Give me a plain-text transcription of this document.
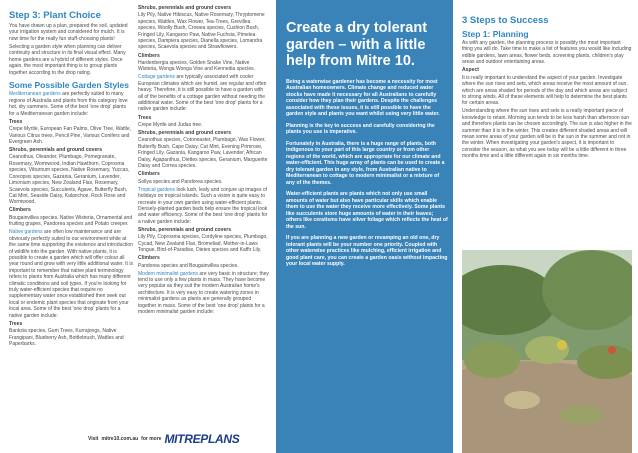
Step 3: Plant Choice

You have drawn up a plan, prepared the soil, updated your irrigation system and considered for mulch. It is now time for the really fun stuff-choosing plants!

Selecting a garden style when planning can deliver continuity and structure in its final visual effect. Many home gardens are a hybrid of different styles. Once again, the most important thing is to group plants together according to the drop rating.

Some Possible Garden Styles

Mediterranean gardens are perfectly suited to many regions of Australia and plants from this category love hot, dry summers. Some of the best 'one drop' plants for a Mediterranean garden include:

Trees

Crepe Myrtle, European Fan Palms, Olive Tree, Wattle, Various Citrus trees, Pencil Pine, Various Conifers and Evergreen Ash.

Shrubs, perennials and ground covers

Ceanothus, Oleander, Plumbago, Pomegranate, Rosemary, Wormwood, Indian Hawthorn, Coprosma species, Viburnum species, Native Rosemary, Yuccas, Coreopsis species, Gazania, Geranium, Lavender, Limonium species, New Zealand Flax, Rosemary, Scaevola species, Succulents, Agave, Butterfly Bush, Cat Mint, Seaside Daisy, Kalanchoe, Rock Rose and Wormwood.

Climbers

Bougainvillea species, Native Wisteria, Ornamental and fruiting grapes, Pandorea species and Potato creeper.

Native gardens are often low maintenance and are obviously perfectly suited to our environment while at the same time supporting the existence and introduction of wildlife into the garden. With native plants, it is possible to create a garden which will offer colour all year round and grow with very little additional water. It is important to remember that native plant terminology refers to plants from Australia which has many different climatic conditions and soil types. If you're looking for truly water-efficient species that require no supplementary water once established then seek out local or endemic plant species that originate from your local area. Some of the best 'one drop' plants for a native garden include:

Trees

Banksia species, Gum Trees, Kurrajongs, Native Frangipani, Blueberry Ash, Bottlebrush, Wattles and Paperbarks.

Shrubs, perennials and ground covers

Lily Pily, Native Hibiscus, Native Rosemary, Thryptomene species, Wattles, Wax Flower, Tea-Trees, Grevillea species, Woolly Bush, Crowea species, Cushion Bush, Fringed Lily, Kangaroo Paw, Native Fuchsia, Pimelea species, Dampiera species, Dianella species, Lomandra species, Scaevola species and Strawflowers.

Climbers

Hardenbergia species, Golden Snake Vine, Native Wisteria, Wonga Wonga Vine and Kennedia species.

Cottage gardens are typically associated with cooler European climates which are humid, are regular and often heavy. Therefore, it is still possible to have a garden with all of the benefits of a cottage garden without needing the additional water. Some of the best 'one drop' plants for a native garden include:

Trees

Crepe Myrtle and Judas tree.

Shrubs, perennials and ground covers

Ceanothus species, Cotoneaster, Plumbago, Wax Flower, Butterfly Bush, Cape Daisy, Cat Mint, Evening Primrose, Fringed Lily, Gazania, Kangaroo Paw, Lavender, African Daisy, Agapanthus, Diettes species, Geranium, Marguerite Daisy and Correa species.

Climbers

Sollya species and Pandorea species.

Tropical gardens look lush, leafy and conjure up images of holidays on tropical islands. Such a vision is quite easy to recreate in your own garden using water-efficient plants. Densely-planted garden beds help ensure the tropical look and water efficiency. Some of the best 'one drop' plants for a native garden include:

Shrubs, perennials and ground covers

Lily Pily, Coprosma species, Cordyline species, Plumbago, Cycad, New Zealand Flax, Bromeliad, Mother-in-Laws Tongue, Bird-of-Paradise, Dietes species and Kaffir Lily.

Climbers

Pandorea species and Bougainvillea species.

Modern minimalist gardens are very basic in structure; they tend to use only a few plants in mass. They have become very popular as they suit the modern Australian home's architecture. It is very easy to create watering zones in minimalist gardens as plants are generally grouped together in mass. Some of the best 'one drop' plants for a modern minimalist garden include:

Create a dry tolerant garden – with a little help from Mitre 10.

Being a waterwise gardener has become a necessity for most Australian homeowners. Climate change and reduced water stocks have made it necessary for all Australians to carefully consider how they plan their gardens. Despite the challenges associated with these issues, it is still possible to have the garden style and plants you want whilst using very little water.

Planning is the key to success and carefully considering the plants you use is imperative.

Fortunately in Australia, there is a huge range of plants, both indigenous to your part of this large country or from other regions of the world, which are appropriate for our climate and water-efficient. This huge array of plants can be used to create a dry tolerant garden in any style, from Australian native to Mediterranean to cottage to modern minimalist or a mixture of any of the themes.

Water-efficient plants are plants which not only use small amounts of water but also have particular skills which enable them to use the water they receive more effectively. Some plants like succulents store huge amounts of water in their leaves; others like ceratisms have silver foliage which reflects the heat of the sun.

If you are planning a new garden or revamping an old one, dry tolerant plants will be your number one priority. Coupled with other waterwise practices like mulching, efficient irrigation and good plant care, you can create a garden oasis without impacting your local water supply.

3 Steps to Success
Step 1: Planning

As with any garden, the planning process is possibly the most important thing you will do. Take time to make a list of features you would like including edible gardens, lawn areas, flower beds, screening plants, children's play areas and outdoor entertaining areas.

Aspect

It is really important to understand the aspect of your garden. Investigate where the sun rises and sets, which areas receive the most amount of sun, which are areas shaded for periods of the day and which areas are subject to strong winds. All of these elements will help to determine the best plants for certain areas.

Understanding where the sun rises and sets is a really important piece of knowledge to retain. Morning sun tends to be less harsh than afternoon sun and therefore plants can be chosen accordingly. The sun is also higher in the summer than it is in the winter. This creates different shaded areas and will mean some areas of your garden will be in the sun in the summer and not in the winter. When investigating your garden's aspect, it is important to consider the season, as what you see today will be a little different in three months time and a little different again in six months time.

Visit mitre10.com.au for more MITREPLANS
